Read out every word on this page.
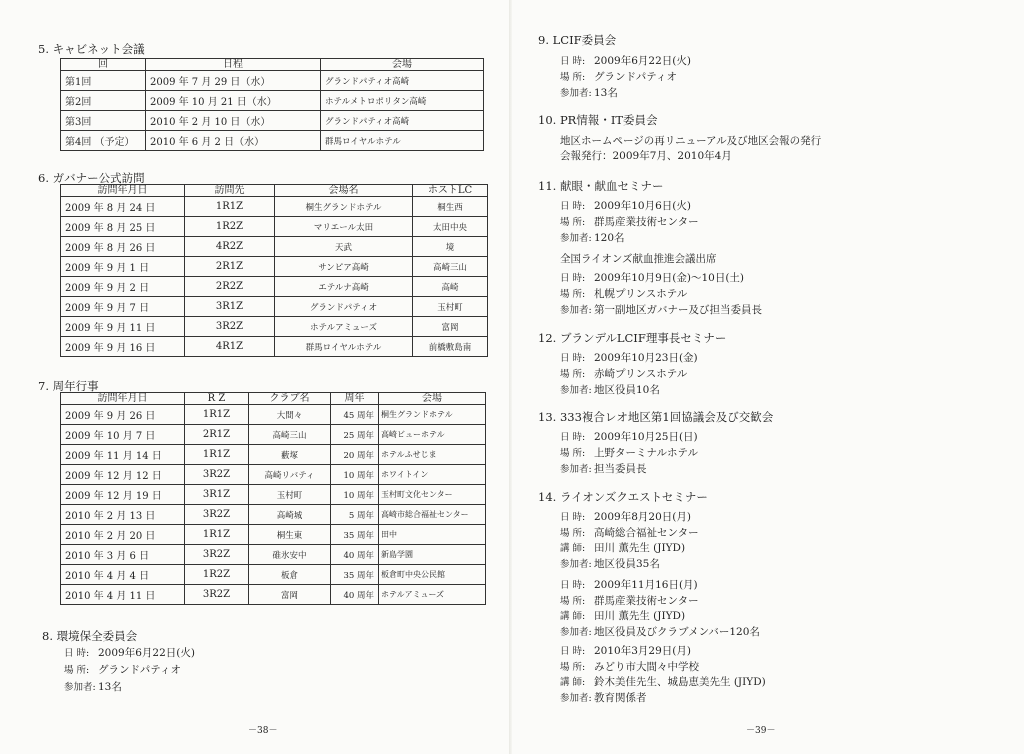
5. キャビネット会議
回	日程	会場
第1回	2009 年 7 月 29 日（水）	グランドパティオ高崎
第2回	2009 年 10 月 21 日（水）	ホテルメトロポリタン高崎
第3回	2010 年 2 月 10 日（水）	グランドパティオ高崎
第4回 （予定）	2010 年 6 月 2 日（水）	群馬ロイヤルホテル
6. ガバナー公式訪問
訪問年月日	訪問先	会場名	ホストLC
2009 年 8 月 24 日	1R1Z	桐生グランドホテル	桐生西
2009 年 8 月 25 日	1R2Z	マリエール太田	太田中央
2009 年 8 月 26 日	4R2Z	天武	境
2009 年 9 月 1 日	2R1Z	サンピア高崎	高崎三山
2009 年 9 月 2 日	2R2Z	エテルナ高崎	高崎
2009 年 9 月 7 日	3R1Z	グランドパティオ	玉村町
2009 年 9 月 11 日	3R2Z	ホテルアミューズ	富岡
2009 年 9 月 16 日	4R1Z	群馬ロイヤルホテル	前橋敷島南
7. 周年行事
訪問年月日	R Z	クラブ名	周年	会場
2009 年 9 月 26 日	1R1Z	大間々	45 周年	桐生グランドホテル
2009 年 10 月 7 日	2R1Z	高崎三山	25 周年	高崎ビューホテル
2009 年 11 月 14 日	1R1Z	藪塚	20 周年	ホテルふせじま
2009 年 12 月 12 日	3R2Z	高崎リバティ	10 周年	ホワイトイン
2009 年 12 月 19 日	3R1Z	玉村町	10 周年	玉村町文化センター
2010 年 2 月 13 日	3R2Z	高崎城	5 周年	高崎市総合福祉センター
2010 年 2 月 20 日	1R1Z	桐生東	35 周年	田中
2010 年 3 月 6 日	3R2Z	碓氷安中	40 周年	新島学園
2010 年 4 月 4 日	1R2Z	板倉	35 周年	板倉町中央公民館
2010 年 4 月 11 日	3R2Z	富岡	40 周年	ホテルアミューズ
8. 環境保全委員会
日 時: 2009年6月22日(火)
場 所: グランドパティオ
参加者: 13名
－38－
9. LCIF委員会
日 時: 2009年6月22日(火)
場 所: グランドパティオ
参加者: 13名
10. PR情報・IT委員会
地区ホームページの再リニューアル及び地区会報の発行
会報発行：2009年7月、2010年4月
11. 献眼・献血セミナー
日 時: 2009年10月6日(火)
場 所: 群馬産業技術センター
参加者: 120名
全国ライオンズ献血推進会議出席
日 時: 2009年10月9日(金)～10日(土)
場 所: 札幌プリンスホテル
参加者: 第一副地区ガバナー及び担当委員長
12. ブランデルLCIF理事長セミナー
日 時: 2009年10月23日(金)
場 所: 赤崎プリンスホテル
参加者: 地区役員10名
13. 333複合レオ地区第1回協議会及び交歓会
日 時: 2009年10月25日(日)
場 所: 上野ターミナルホテル
参加者: 担当委員長
14. ライオンズクエストセミナー
日 時: 2009年8月20日(月)
場 所: 高崎総合福祉センター
講 師: 田川 薫先生 (JIYD)
参加者: 地区役員35名
日 時: 2009年11月16日(月)
場 所: 群馬産業技術センター
講 師: 田川 薫先生 (JIYD)
参加者: 地区役員及びクラブメンバー120名
日 時: 2010年3月29日(月)
場 所: みどり市大間々中学校
講 師: 鈴木美佳先生、城島恵美先生 (JIYD)
参加者: 教育関係者
－39－
